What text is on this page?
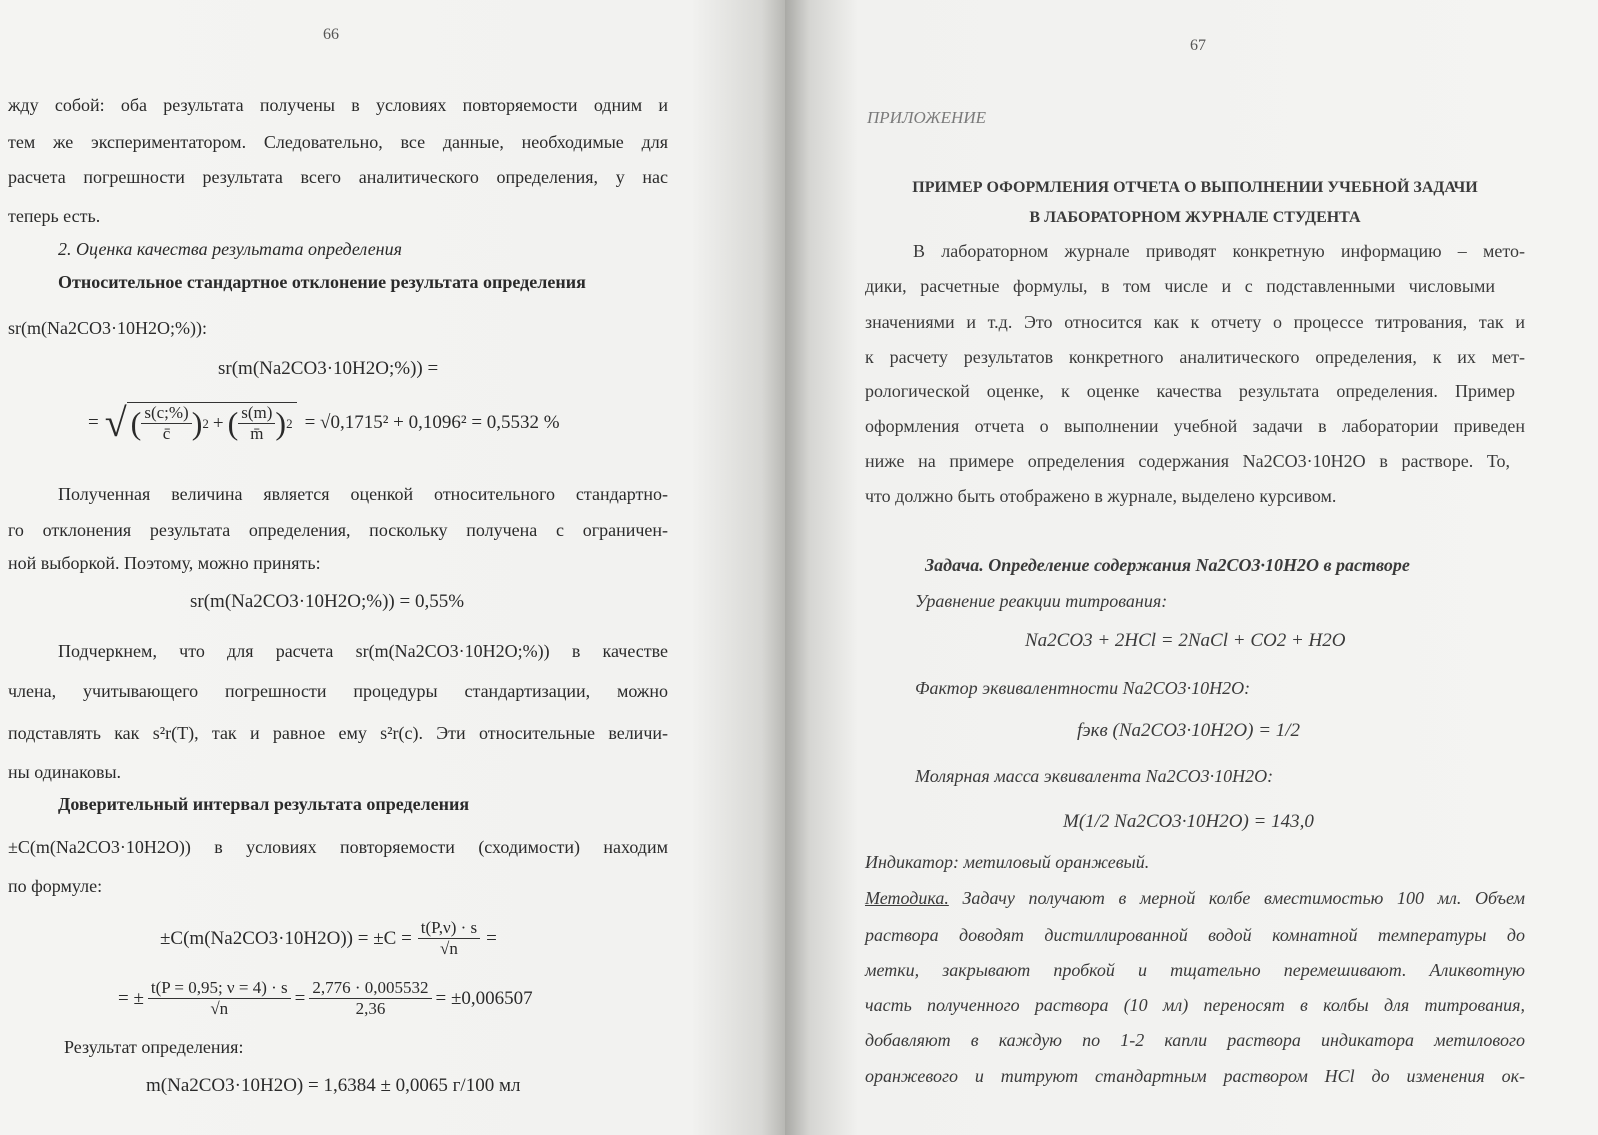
66
жду собой: оба результата получены в условиях повторяемости одним и
тем же экспериментатором. Следовательно, все данные, необходимые для
расчета погрешности результата всего аналитического определения, у нас
теперь есть.
2. Оценка качества результата определения
Относительное стандартное отклонение результата определения
sr(m(Na2CO3·10H2O;%)):
sr(m(Na2CO3·10H2O;%)) =
= √ ( $\frac{s(c;\%)}{c̄}$ ) 2 + ( $\frac{s(m)}{m̄}$ ) 2 = √0,1715² + 0,1096² = 0,5532 %
Полученная величина является оценкой относительного стандартно-
го отклонения результата определения, поскольку получена с ограничен-
ной выборкой. Поэтому, можно принять:
sr(m(Na2CO3·10H2O;%)) = 0,55%
Подчеркнем, что для расчета sr(m(Na2CO3·10H2O;%)) в качестве
члена, учитывающего погрешности процедуры стандартизации, можно
подставлять как s²r(Т), так и равное ему s²r(c). Эти относительные величи-
ны одинаковы.
Доверительный интервал результата определения
±C(m(Na2CO3·10H2O)) в условиях повторяемости (сходимости) находим
по формуле:
$\pm C(m(Na2CO3\cdot 10H2O)) = \pm C = \frac{t(P,\nu) \cdot s}{√n}$ =
= ± $\frac{t(P = 0,95; \nu = 4) \cdot s}{√n} = \frac{2,776 \cdot 0,005532}{2,36} = \pm 0,006507$
Результат определения:
m(Na2CO3·10H2O) = 1,6384 ± 0,0065 г/100 мл
67
ПРИЛОЖЕНИЕ
ПРИМЕР ОФОРМЛЕНИЯ ОТЧЕТА О ВЫПОЛНЕНИИ УЧЕБНОЙ ЗАДАЧИ
В ЛАБОРАТОРНОМ ЖУРНАЛЕ СТУДЕНТА
В лабораторном журнале приводят конкретную информацию – мето-
дики, расчетные формулы, в том числе и с подставленными числовыми
значениями и т.д. Это относится как к отчету о процессе титрования, так и
к расчету результатов конкретного аналитического определения, к их мет-
рологической оценке, к оценке качества результата определения. Пример
оформления отчета о выполнении учебной задачи в лаборатории приведен
ниже на примере определения содержания Na2CO3·10H2O в растворе. То,
что должно быть отображено в журнале, выделено курсивом.
Задача. Определение содержания Na2CO3·10H2O в растворе
Уравнение реакции титрования:
Na2CO3 + 2HCl = 2NaCl + CO2 + H2O
Фактор эквивалентности Na2CO3·10H2O:
fэкв (Na2CO3·10H2O) = 1/2
Молярная масса эквивалента Na2CO3·10H2O:
M(1/2 Na2CO3·10H2O) = 143,0
Индикатор: метиловый оранжевый.
Методика. Задачу получают в мерной колбе вместимостью 100 мл. Объем
раствора доводят дистиллированной водой комнатной температуры до
метки, закрывают пробкой и тщательно перемешивают. Аликвотную
часть полученного раствора (10 мл) переносят в колбы для титрования,
добавляют в каждую по 1-2 капли раствора индикатора метилового
оранжевого и титруют стандартным раствором HCl до изменения ок-
